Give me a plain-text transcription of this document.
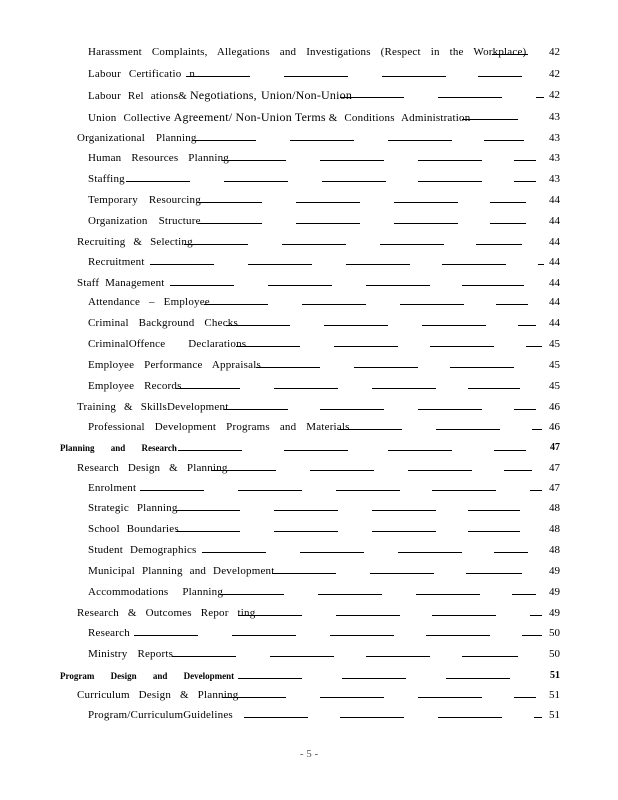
Harassment Complaints, Allegations and Investigations (Respect in the Workplace) 42
Labour Certificatio n	42
Labour Rel ations& Negotiations, Union/Non-Union	42
Union Collective Agreement/ Non-Union Terms & Conditions Administration	43
Organizational Planning	43
Human Resources Planning	43
Staffing	43
Temporary Resourcing	44
Organization Structure	44
Recruiting & Selecting	44
Recruitment	44
Staff Management	44
Attendance – Employee	44
Criminal Background Checks	44
CriminalOffence Declarations	45
Employee Performance Appraisals	45
Employee Records	45
Training & SkillsDevelopment	46
Professional Development Programs and Materials	46
Planning and Research	47
Research Design & Planning	47
Enrolment	47
Strategic Planning	48
School Boundaries	48
Student Demographics	48
Municipal Planning and Development	49
Accommodations Planning	49
Research & Outcomes Repor ting	49
Research	50
Ministry Reports	50
Program Design and Development	51
Curriculum Design & Planning	51
Program/CurriculumGuidelines	51
- 5 -
